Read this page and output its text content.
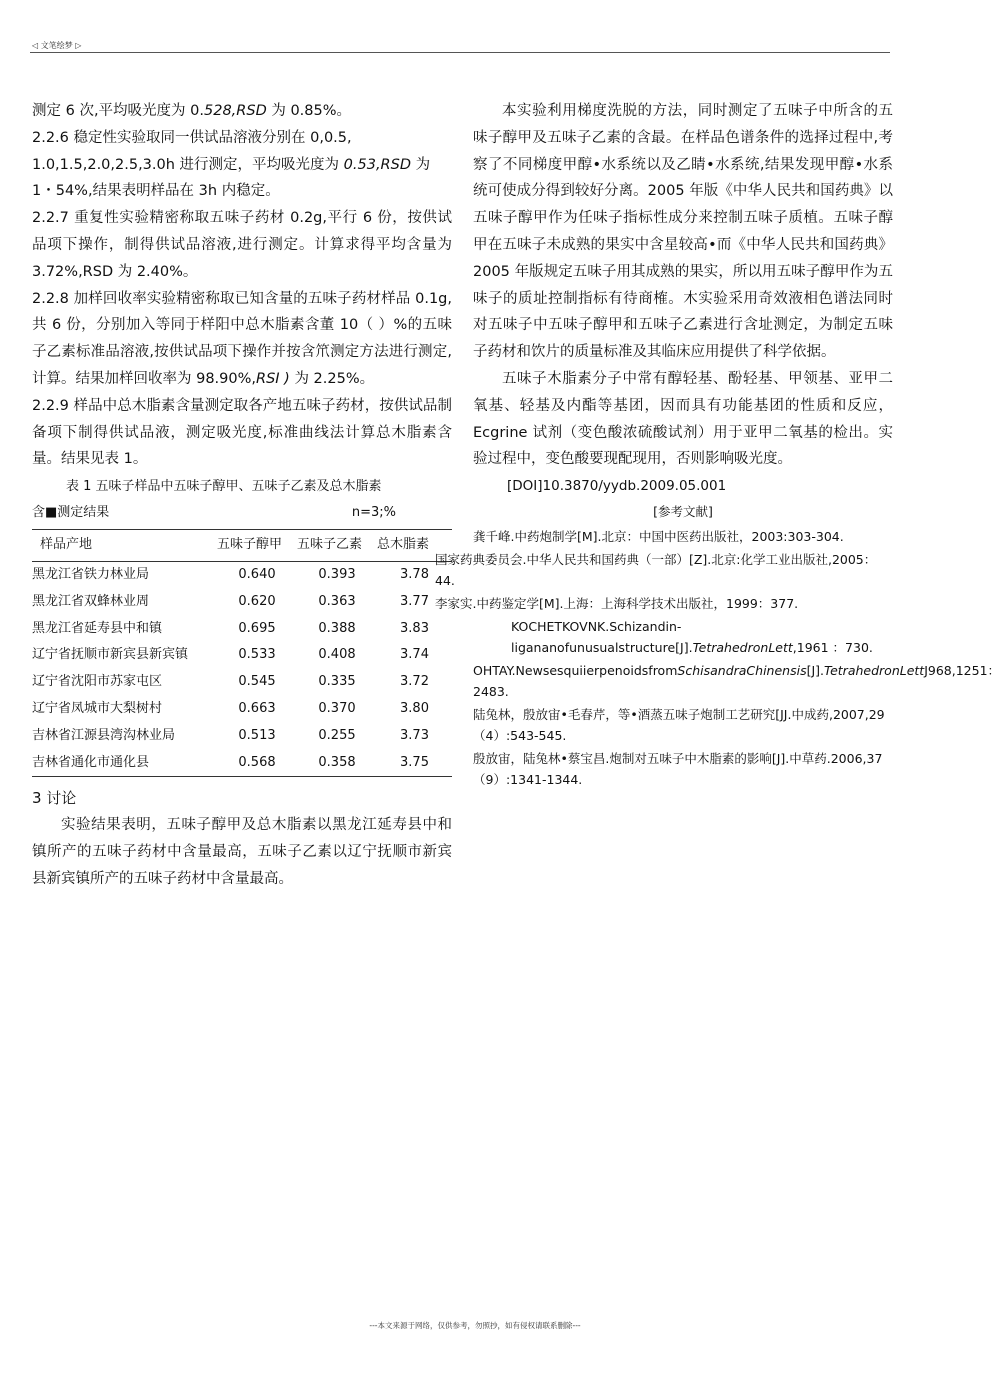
◁ 文笔绘梦 ▷

测定 6 次,平均吸光度为 0.528,RSD 为 0.85%。

2.2.6 稳定性实验取同一供试品溶液分别在 0,0.5, 1.0,1.5,2.0,2.5,3.0h 进行测定，平均吸光度为 0.53,RSD 为 1・54%,结果表明样品在 3h 内稳定。

2.2.7 重复性实验精密称取五味子药材 0.2g,平行 6 份，按供试品项下操作，制得供试品溶液,进行测定。计算求得平均含量为 3.72%,RSD 为 2.40%。

2.2.8 加样回收率实验精密称取已知含量的五味子药材样品 0.1g,共 6 份，分别加入等同于样阳中总木脂素含董 10（ ）%的五味子乙素标准品溶液,按供试品项下操作并按含笊测定方法进行测定,计算。结果加样回收率为 98.90%,RSI ) 为 2.25%。

2.2.9 样品中总木脂素含量测定取各产地五味子药材，按供试品制备项下制得供试品液，测定吸光度,标准曲线法计算总木脂素含量。结果见表 1。

表 1 五味子样品中五味子醇甲、五味子乙素及总木脂素
含■测定结果	n=3;%
样品产地	五味子醇甲	五味子乙素	总木脂素
黑龙江省铁力林业局	0.640	0.393	3.78
黑龙江省双蜂林业周	0.620	0.363	3.77
黑龙江省延寿县中和镇	0.695	0.388	3.83
辽宁省抚顺市新宾县新宾镇	0.533	0.408	3.74
辽宁省沈阳市苏家屯区	0.545	0.335	3.72
辽宁省凤城市大梨树村	0.663	0.370	3.80
吉林省江源县湾沟林业局	0.513	0.255	3.73
吉林省通化市通化县	0.568	0.358	3.75

3 讨论

实验结果表明，五味子醇甲及总木脂素以黑龙江延寿县中和镇所产的五味子药材中含量最高，五味子乙素以辽宁抚顺市新宾县新宾镇所产的五味子药材中含量最高。

本实验利用梯度洗脱的方法，同时测定了五味子中所含的五味子醇甲及五味子乙素的含最。在样品色谱条件的选择过程中,考察了不同梯度甲醇•水系统以及乙睛•水系统,结果发现甲醇•水系统可使成分得到较好分离。2005 年版《中华人民共和国药典》以五味子醇甲作为任味子指标性成分来控制五味子质植。五味子醇甲在五味子未成熟的果实中含星较高•而《中华人民共和国药典》2005 年版规定五味子用其成熟的果实，所以用五味子醇甲作为五味子的质址控制指标有待商榷。木实验采用奇效液相色谱法同时对五味子中五味子醇甲和五味子乙素进行含址测定，为制定五味子药材和饮片的质量标准及其临床应用提供了科学依据。

五味子木脂素分子中常有醇轻基、酚轻基、甲领基、亚甲二氧基、轻基及内酯等基团，因而具有功能基团的性质和反应，Ecgrine 试剂（变色酸浓硫酸试剂）用于亚甲二氧基的检出。实验过程中，变色酸要现配现用，否则影响吸光度。

[DOI]10.3870/yydb.2009.05.001

[参考文献]

龚千峰.中药炮制学[M].北京：中国中医药出版社，2003:303-304.

国家药典委员会.中华人民共和国药典（一部）[Z].北京:化学工业出版社,2005：44.

李家实.中药鉴定学[M].上海：上海科学技术出版社，1999：377.

KOCHETKOVNK.Schizandin-ligananofunusualstructure[J].TetrahedronLett,1961 ：730.

OHTAY.NewsesquiierpenoidsfromSchisandraChinensis[J].TetrahedronLettJ968,1251：2483.

陆兔林，殷放宙•毛春芹，等•酒蒸五味子炮制工艺研究[JJ.中成药,2007,29（4）:543-545.

殷放宙，陆兔林•蔡宝昌.炮制对五味子中木脂素的影响[J].中草药.2006,37（9）:1341-1344.

---本文来源于网络，仅供参考，勿照抄，如有侵权请联系删除---
